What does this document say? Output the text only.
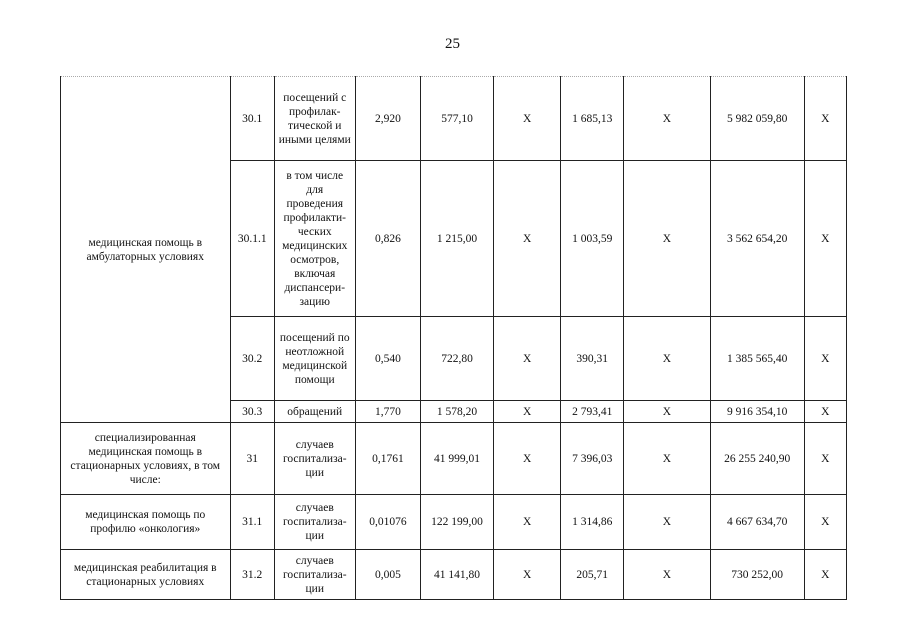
25
медицинская помощь в амбулаторных условиях	30.1	посещений с профилак-тической и иными целями	2,920	577,10	X	1 685,13	X	5 982 059,80	X
	30.1.1	в том числе для проведения профилакти-ческих медицинских осмотров, включая диспансери-зацию	0,826	1 215,00	X	1 003,59	X	3 562 654,20	X
	30.2	посещений по неотложной медицинской помощи	0,540	722,80	X	390,31	X	1 385 565,40	X
	30.3	обращений	1,770	1 578,20	X	2 793,41	X	9 916 354,10	X
специализированная медицинская помощь в стационарных условиях, в том числе:	31	случаев госпитализа-ции	0,1761	41 999,01	X	7 396,03	X	26 255 240,90	X
медицинская помощь по профилю «онкология»	31.1	случаев госпитализа-ции	0,01076	122 199,00	X	1 314,86	X	4 667 634,70	X
медицинская реабилитация в стационарных условиях	31.2	случаев госпитализа-ции	0,005	41 141,80	X	205,71	X	730 252,00	X
